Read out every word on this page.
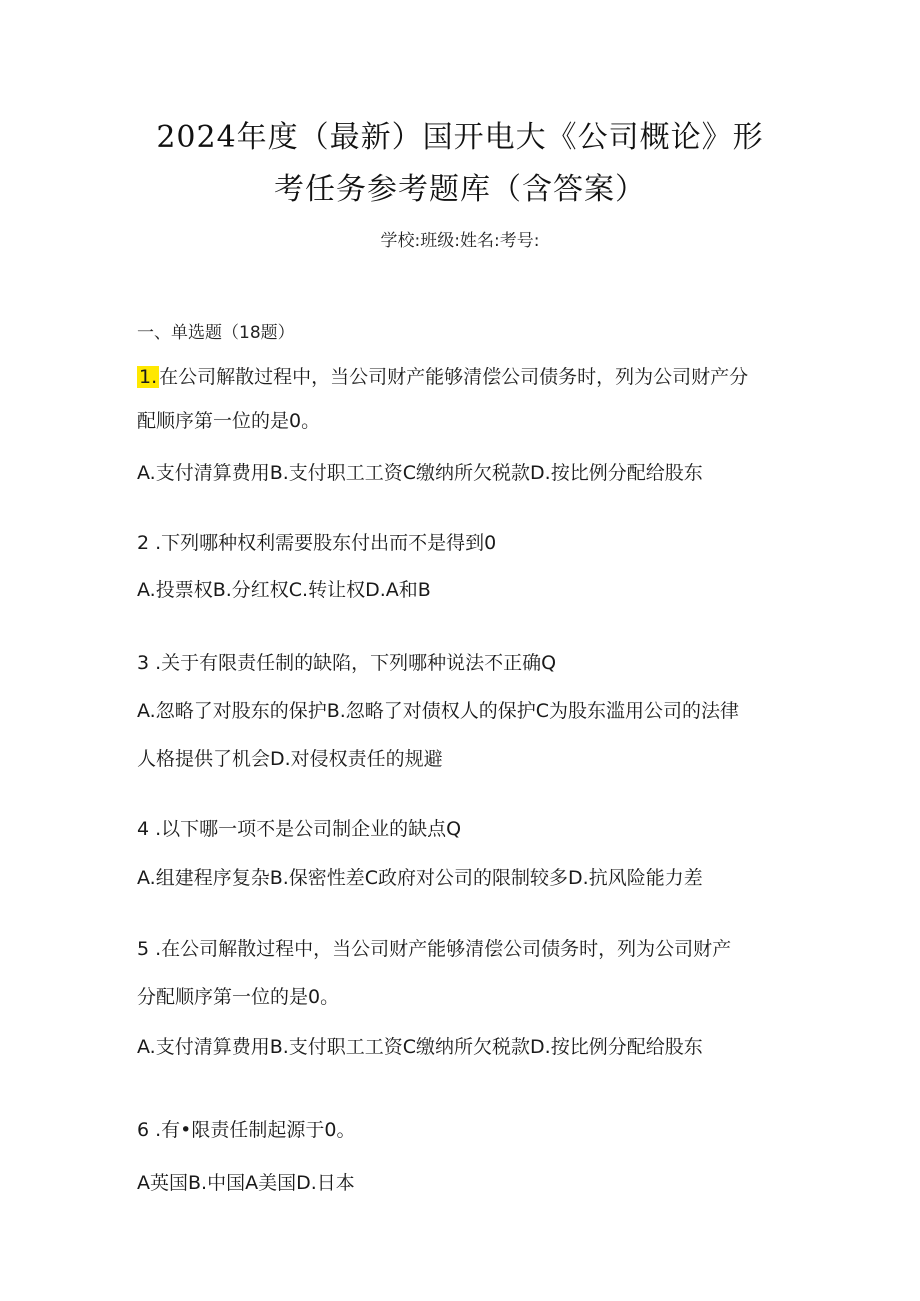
2024年度（最新）国开电大《公司概论》形
考任务参考题库（含答案）
学校:班级:姓名:考号:
一、单选题（18题）
1. 在公司解散过程中，当公司财产能够清偿公司债务时，列为公司财产分
配顺序第一位的是0。
A.支付清算费用B.支付职工工资C缴纳所欠税款D.按比例分配给股东
2 .下列哪种权利需要股东付出而不是得到0
A.投票权B.分红权C.转让权D.A和B
3 .关于有限责任制的缺陷，下列哪种说法不正确Q
A.忽略了对股东的保护B.忽略了对债权人的保护C为股东滥用公司的法律
人格提供了机会D.对侵权责任的规避
4 .以下哪一项不是公司制企业的缺点Q
A.组建程序复杂B.保密性差C政府对公司的限制较多D.抗风险能力差
5 .在公司解散过程中，当公司财产能够清偿公司债务时，列为公司财产
分配顺序第一位的是0。
A.支付清算费用B.支付职工工资C缴纳所欠税款D.按比例分配给股东
6 .有•限责任制起源于0。
A英国B.中国A美国D.日本
